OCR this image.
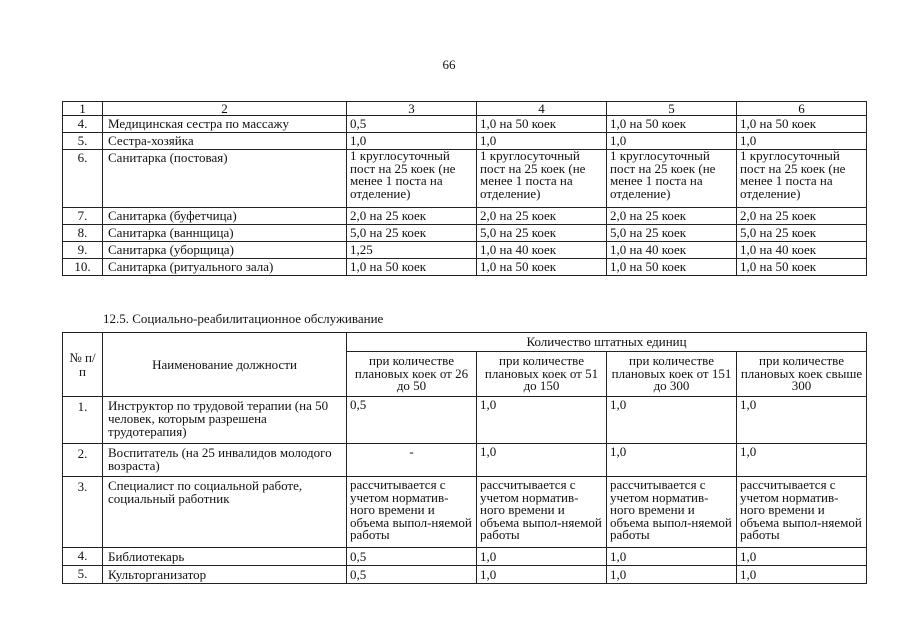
66
1	2	3	4	5	6
4.	Медицинская сестра по массажу	0,5	1,0 на 50 коек	1,0 на 50 коек	1,0 на 50 коек
5.	Сестра-хозяйка	1,0	1,0	1,0	1,0
6.	Санитарка (постовая)	1 круглосуточный пост на 25 коек (не менее 1 поста на отделение)	1 круглосуточный пост на 25 коек (не менее 1 поста на отделение)	1 круглосуточный пост на 25 коек (не менее 1 поста на отделение)	1 круглосуточный пост на 25 коек (не менее 1 поста на отделение)
7.	Санитарка (буфетчица)	2,0 на 25 коек	2,0 на 25 коек	2,0 на 25 коек	2,0 на 25 коек
8.	Санитарка (ваннщица)	5,0 на 25 коек	5,0 на 25 коек	5,0 на 25 коек	5,0 на 25 коек
9.	Санитарка (уборщица)	1,25	1,0 на 40 коек	1,0 на 40 коек	1,0 на 40 коек
10.	Санитарка (ритуального зала)	1,0 на 50 коек	1,0 на 50 коек	1,0 на 50 коек	1,0 на 50 коек
12.5. Социально-реабилитационное обслуживание
№ п/п	Наименование должности	Количество штатных единиц			
		при количестве плановых коек от 26 до 50	при количестве плановых коек от 51 до 150	при количестве плановых коек от 151 до 300	при количестве плановых коек свыше 300
1.	Инструктор по трудовой терапии (на 50 человек, которым разрешена трудотерапия)	0,5	1,0	1,0	1,0
2.	Воспитатель (на 25 инвалидов молодого возраста)	-	1,0	1,0	1,0
3.	Специалист по социальной работе, социальный работник	рассчитывается с учетом норматив-ного времени и объема выпол-няемой работы	рассчитывается с учетом норматив-ного времени и объема выпол-няемой работы	рассчитывается с учетом норматив-ного времени и объема выпол-няемой работы	рассчитывается с учетом норматив-ного времени и объема выпол-няемой работы
4.	Библиотекарь	0,5	1,0	1,0	1,0
5.	Культорганизатор	0,5	1,0	1,0	1,0
